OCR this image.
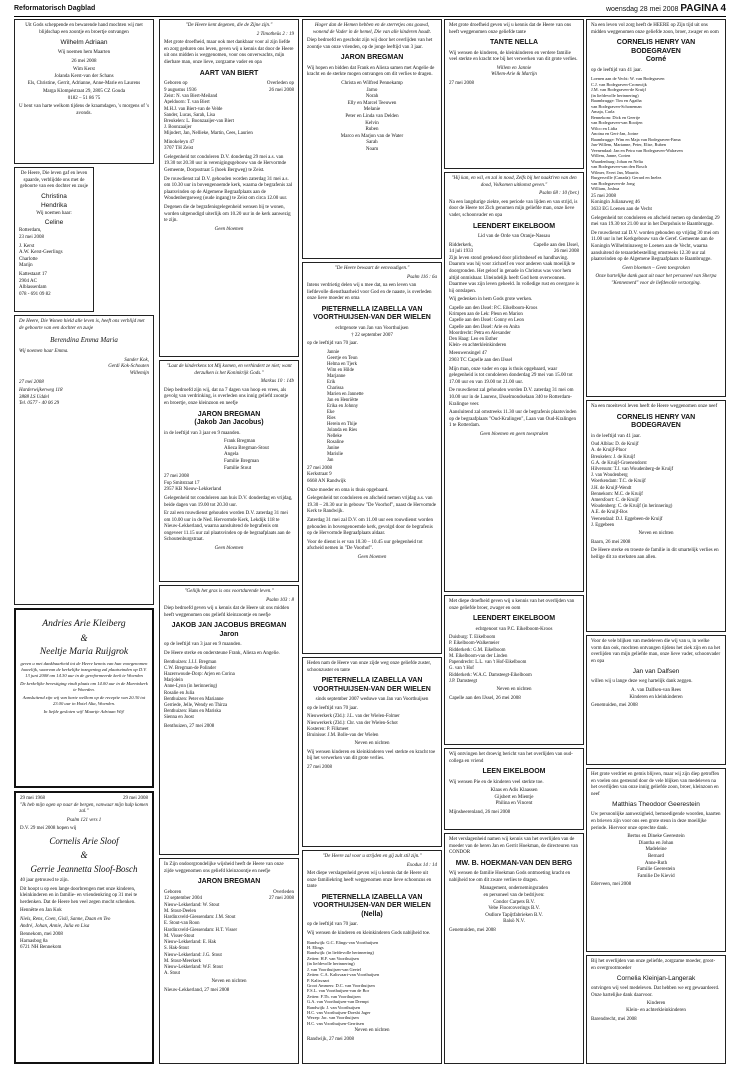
Reformatorisch Dagblad	woensdag 28 mei 2008 PAGINA 4

Uit Gods scheppende en bewarende hand mochten wij met blijdschap een zoontje en broertje ontvangen

Wilhelm Adriaan

Wij noemen hem Maarten

26 mei 2008

Wim Kerst
Jolanda Kerst-van der Schans
Els, Christine, Gerrit, Adrianne, Anne-Marie en Laurens

Marga Klompéstraat 29, 2805 CZ Gouda
0182 – 51 86 75

U bent van harte welkom tijdens de kraamdagen, 's morgens of 's avonds.

De Heere, Die leven gaf en leven spaarde, verblijdde ons met de geboorte van een dochter en zusje

Christina
Hendrika

Wij noemen haar:

Celine

Rotterdam,
23 mei 2008

J. Kerst
A.W. Kerst-Geerlings
Charlotte
Marijn

Kattestaart 17
2904 AC
Alblasserdam
078 - 691 09 82

De Heere, Die Wonen hield alle leven is, heeft ons verblijd met de geboorte van een dochter en zusje

Berendina Emma Maria

Wij noemen haar Emma.

Sander Kok,
Gerdi Kok-Schouten
Willemijn

27 mei 2008

Harderwijkerweg 118
3888 LS Uddel
Tel. 0577 - 40 06 29

Andries Arie Kleiberg
&
Neeltje Maria Ruijgrok

geven u met dankbaarheid tot de Heere kennis van hun voorgenomen huwelijk, waarvan de kerkelijke inzegening zal plaatsvinden op D.V. 13 juni 2008 om 14.30 uur in de gereformeerde kerk te Woerden

De kerkelijke bevestiging vindt plaats om 14.00 uur in de Marnixkerk te Woerden.

Aansluitend zijn wij van harte welkom op de receptie van 20.30 tot 23.00 uur in Hotel Alta, Woerden.

In liefde gesloten wij! Maartje Adriaan Wij!

29 mei 1968	29 mei 2008

"Ik heb mijn ogen op naar de bergen, vanwaar mijn hulp komen zal."

Psalm 121 vers 1

D.V. 29 mei 2008 hopen wij

Cornelis Arie Sloof
&
Gerrie Jeannetta Sloof-Bosch

40 jaar getrouwd te zijn.

Dit hoopt u op een lange doorbrengen met onze kinderen, kleinkinderen en in familie- en vriendenkring op 31 mei te herdenken. Dat de Heere hen veel zegen mocht schenken.

Hennëtte en Jan Kok

Niels, Rens, Coen, Gisli, Sanne, Daan en Teo
André, Johan, Annie, Julia en Lisa

Bennekom, mei 2008
Harnasbog 8a
6721 NH Bennekom

"De Heere kent degenen, die de Zijne zijn."

2 Timotheüs 2 : 19

Met grote droefheid, maar ook met dankbaar voor al zijn liefde en zorg geduren ons leven, geven wij u kennis dat door de Heere uit ons midden is weggenomen, voor ons onverwachts, mijn dierbare man, onze lieve, zorgzame vader en opa

AART VAN BIERT
Geboren op
9 augustus 1936
Overleden op
26 mei 2008

Zeist: N. van Biert-Meiland
Apeldoorn: T. van Biert
M.H.J. van Biert-van de Velde
Sander, Lucas, Sarah, Lisa
Breukelen: L. Boonzaaijer-van Biert
J. Boonzaaijer
Mijndert, Jan, Nellieke, Martin, Cees, Laurien

Minokeleyn 47
3707 TH Zeist

Gelegenheid tot condoleren D.V. donderdag 29 mei a.s. van 19.30 tot 20.30 uur in verenigingsgebouw van de Hervormde Gemeente, Dorpsstraat 5 (hoek Bergweg) te Zeist.

De rouwdienst zal D.V. gehouden worden zaterdag 31 mei a.s. om 10.30 uur in bovengenoemde kerk, waarna de begrafenis zal plaatsvinden op de Algemene Begraafplaats aan de Woudenbergseweg (oude ingang) te Zeist om circa 12.00 uur.

Degenen die de begrafenisgelegenheid wensen bij te wonen, worden uitgenodigd uiterlijk om 10.20 uur in de kerk aanwezig te zijn.

Geen bloemen

"Laat de kinderkens tot Mij komen, en verhindert ze niet; want derzulken is het Koninkrijk Gods."

Markus 10 : 14b

Diep bedroefd zijn wij, dat na 7 dagen van hoop en vrees, als gevolg van verdrinking, is overleden ons innig geliefd zoontje en broertje, onze kleinzoon en neefje

JARON BREGMAN
(Jakob Jan Jacobus)

in de leeftijd van 3 jaar en 9 maanden.

Frank Bregman
Alieza Bregman-Stout
Angela
Familie Bregman
Familie Stout

27 mei 2008
Fop Smitstraat 17
2957 KB Nieuw-Lekkerland

Gelegenheid tot condoleren aan huis D.V. donderdag en vrijdag, beide dagen van 19.00 tot 20.30 uur.

Er zal een rouwdienst gehouden worden D.V. zaterdag 31 mei om 10.00 uur in de Ned. Hervormde Kerk, Lekdijk 118 te Nieuw-Lekkerland, waarna aansluitend de begrafenis om ongeveer 11.15 uur zal plaatsvinden op de begraafplaats aan de Schoutenburgstraat.

Geen bloemen

"Geliijk het gras is ons voortdurende leven."

Psalm 103 : 8

Diep bedroefd geven wij u kennis dat de Heere uit ons midden heeft weggenomen ons geliefd kleinzoontje en neefje

JAKOB JAN JACOBUS BREGMAN
Jaron

op de leeftijd van 3 jaar en 9 maanden.

De Heere sterke en ondersteune Frank, Alieza en Angelie.

Benthuizen: J.J.J. Bregman
C.W. Bregman-de Polinder
Hazerswoude-Dorp: Arjen en Corina
Marjolein
Anne-Lynn (in herinnering)
Rosalie en Julia
Benthuizen: Peter en Marianne
Gerriede, Jelle, Wendy en Thirza
Benthuizen: Hans en Mariska
Sienna en Joost

Benthuizen, 27 mei 2008

In Zijn ondoorgrondelijke wijsheid heeft de Heere van onze zijde weggenomen ons geliefd kleinzoontje en neefje

JARON BREGMAN
Geboren
12 september 2004
Overleden
27 mei 2008

Nieuw-Lekkerland: W. Stout
M. Stout-Deelen
Hardinxveld-Giessendam: J.M. Stout
E. Stout-van Roon
Hardinxveld-Giessendam: H.T. Visser
M. Visser-Stout
Nieuw-Lekkerland: E. Hak
S. Hak-Stout
Nieuw-Lekkerland: J.G. Stout
M. Stout-Meerkerk
Nieuw-Lekkerland: W.F. Stout
A. Stout

Neven en nichten

Nieuw-Lekkerland, 27 mei 2008

Hoger dan de Hemen hebben en de sterretjes ons gouwd, wonend de Vader in de hemel, Die van alle kinderen houdt.

Diep bedroefd en geschokt zijn wij door het overlijden van het zoontje van onze vrienden, op de jonge leeftijd van 3 jaar.

JARON BREGMAN

Wij hopen en bidden dat Frank en Alieza samen met Angelie de kracht en de sterkte mogen ontvangen om dit verlies te dragen.

Christa en Wilfred Pennekamp
Jarno
Norah
Elly en Marcel Teeuwen
Melanie
Peter en Linda van Delden
Kelvin
Ruben
Marco en Marjon van de Water
Sarah
Noam

"De Heere bewaart de eenvoudigen."

Psalm 116 : 6a

Intens verdrietig delen wij u mee dat, na een leven van liefdevolle dienstbaarheid voor God en de naaste, is overleden onze lieve moeder en oma

PIETERNELLA IZABELLA VAN VOORTHUIJSEN-VAN DER WIELEN

echtgenote van Jan van Voorthuijsen
† 22 september 2007

op de leeftijd van 70 jaar.

Jannie
Geertje en Teun
Helma en Tjerk
Wim en Hilde
Marjanne
Erik
Charissa
Marien en Jannette
Jan en Henriëtte
Erika en Johnny
Eke
Ries
Herein en Thije
Jolanda en Ries
Nelleke
Rosaline
Janine
Marislie
Jan

27 mei 2008
Kerkstraat 9
6668 AN Randwijk

Onze moeder en oma is thuis opgebaard.

Gelegenheid tot condoleren en afscheid nemen vrijdag a.s. van 19.30 – 20.30 uur in gebouw "De Voorhof", naast de Hervormde Kerk te Randwijk.

Zaterdag 31 mei zal D.V. om 11.00 uur een rouwdienst worden gehouden in bovengenoemde kerk, gevolgd door de begrafenis op de Hervormde Begraafplaats aldaar.

Voor de dienst is er van 10.30 – 10.45 uur gelegenheid tot afscheid nemen in "De Voorhof".

Geen bloemen

Heden nam de Heere van onze zijde weg onze geliefde zuster, schoonzuster en tante

PIETERNELLA IZABELLA VAN VOORTHUIJSEN-VAN DER WIELEN

sinds september 2007 weduwe van Jan van Voorthuijsen

op de leeftijd van 70 jaar.

Nieuwerkerk (Zld.): J.L. van der Wielen-Folmer
Nieuwerkerk (Zld.): Chr. van der Wielen-Schot
Kosteren: P. Filkmeet
Bruinisse: J.M. Bolle-van der Wielen

Neven en nichten

Wij wensen kinderen en kleinkinderen veel sterkte en kracht toe bij het verwerken van dit grote verlies.

27 mei 2008

"De Heere zal voor u strijden en gij zult stil zijn."

Exodus 14 : 14

Met diepe verslagenheid geven wij u kennis dat de Heere uit onze familiekring heeft weggenomen onze lieve schoonzus en tante

PIETERNELLA IZABELLA VAN VOORTHUIJSEN-VAN DER WIELEN
(Nella)

op de leeftijd van 70 jaar.

Wij wensen de kinderen en kleinkinderen Gods nabijheid toe.

Randwijk: G.C. Elings-van Voorthuijsen
H. Elings
Randwijk: (in liefdevolle herinnering)
Zetten: H.F. van Voorthuijsen
(in liefdevolle herinnering)
J. van Voorthuijsen-van Geetel
Zetten: C.A. Kalisvaart-van Voorthuijsen
P. Kalisvaart
Groot Ammers: D.C. van Voorthuijsen
F.S.L. van Voorthuijsen-van de Bor
Zetten: F.Th. van Voorthuijsen
G.A. van Voorthuijsen-van Drempt
Randwijk: J. van Voorthuijsen
H.C. van Voorthuijsen-Doesbi Jager
Wezep: Jac. van Voorthuijsen
H.C. van Voorthuijsen-Gerritsen

Neven en nichten

Randwijk, 27 mei 2008

Met grote droefheid geven wij u kennis dat de Heere van ons heeft weggenomen onze geliefde tante

TANTE NELLA

Wij wensen de kinderen, de kleinkinderen en verdere familie veel sterkte en kracht toe bij het verwerken van dit grote verlies.

Willem en Jannie
Willem-Arie & Martijn

27 mei 2008

"Hij kan, en wil, en zal in nood, Zelfs bij het naakt'ren van den dood, Volkomen uitkomst geven."

Psalm 68 : 10 (ber.)

Na een langdurige ziekte, een periode van lijden en van strijd, is door de Heere tot Zich genomen mijn geliefde man, onze lieve vader, schoonvader en opa

LEENDERT EIKELBOOM

Lid van de Orde van Oranje-Nassau

Ridderkerk,
14 juli 1933
Capelle aan den IJssel,
26 mei 2008

Zijn leven stond getekend door plichtsbesef en handhaving. Daarom was hij voor zichzelf en voor anderen vaak moeilijk te doorgronden. Het geloof in genade in Christus was voor hem altijd onmisbaar. Uiteindelijk heeft God hem overwonnen. Daarmee was zijn leven geheeld. In volledige rust en overgave is hij ontslapen.

Wij gedenken in hem Gods grote werken.

Capelle aan den IJssel: P.C. Eikelboom-Kroos
Krimpen aan de Lek: Pleun en Marion
Capelle aan den IJssel: Gonny en Leon
Capelle aan den IJssel: Arie en Anita
Moordrecht: Petra en Alexander
Den Haag: Leo en Esther
Klein- en achterkleinkinderen

Meeuwensingel 47
2903 TC Capelle aan den IJssel

Mijn man, onze vader en opa is thuis opgebaard, waar gelegenheid is tot condoleren donderdag 29 mei van 15.00 tot 17.00 uur en van 19.00 tot 21.00 uur.

De rouwdienst zal gehouden worden D.V. zaterdag 31 mei om 10.00 uur in de Laurens, IJsselmondselaan 340 te Rotterdam-Kralingse veer.

Aansluitend zal omstreeks 11.30 uur de begrafenis plaatsvinden op de begraafplaats "Oud-Kralingen", Laan van Oud-Kralingen 1 te Rotterdam.

Geen bloemen en geen toespraken

Met diepe droefheid geven wij u kennis van het overlijden van onze geliefde broer, zwager en oom

LEENDERT EIKELBOOM

echtgenoot van P.C. Eikelboom-Kroos

Duisburg: T. Eikelboom
P. Eikelboom-Walkemeier
Ridderkerk: G.M. Eikelboom
M. Eikelboom-van der Linden
Papendrecht: L.L. van 't Hof-Eikelboom
G. van 't Hof
Ridderkerk: W.A.C. Damsteegt-Eikelboom
J.P. Damsteegt

Neven en nichten

Capelle aan den IJssel, 26 mei 2008

Wij ontvingen het droevig bericht van het overlijden van oud-collega en vriend

LEEN EIKELBOOM

Wij wensen Pie en de kinderen veel sterkte toe.

Klaas en Adis Klaassen
Gijsbert en Mientje
Philina en Vincent

Mijnsheerenland, 26 mei 2008

Met verslagenheid namen wij kennis van het overlijden van de moeder van de heren Jan en Gerrit Hoekman, de directeuren van CONDOR

MW. B. HOEKMAN-VAN DEN BERG

Wij wensen de familie Hoekman Gods ontmoeting kracht en nabijheid toe om dit zware verlies te dragen.

Management, ondernemingsraden
en personeel van de bedrijven:
Condor Carpets B.V.
Vebe Floorcoverings B.V.
Osdlore Tapijtfabrieken B.V.
Balsö N.V.

Genemuiden, mei 2008

Na een leven vol zorg heeft de HEERE op Zijn tijd uit ons midden weggenomen onze geliefde zoon, broer, zwager en oom

CORNELIS HENRY VAN BODEGRAVEN
Corné

op de leeftijd van 41 jaar.

Loenen aan de Vecht: W. van Bodegraven
C.J. van Bodegraven-Cromwijk
J.M. van Bodegraven-de Kruijf
(in liefdevolle herinnering)
Baambrugge: Tim en Agatha
van Bodegraven-Schoneman
Amaja, Carla
Bennekom: Dick en Geertje
van Bodegraven-van Rooijen
Wilco en Lidia
Anoina en Gert-Jan, Jorine
Baambrugge: Wim en Maja van Bodegraven-Fama
Jan-Willem, Marianne, Peter, Elise, Ruben
Veenendaal: Jan en Petra van Bodegraven-Walraven
Willem, Janne, Corien
Waardenburg: Johan en Nelia
van Bodegraven-van den Bosch
Wilmer, Evert Jan, Maurits
Burgersville (Canada): Gerard en Inelez
van Bodegraven-de Jong
William, Joshua

25 mei 2008
Koningin Julianaweg 46
3633 EG Loenen aan de Vecht

Gelegenheid tot condoleren en afscheid nemen op donderdag 29 mei van 19.30 tot 21.00 uur in het Dorpshuis te Baambrugge.

De rouwdienst zal D.V. worden gehouden op vrijdag 30 mei om 11.00 uur in het Kerkgebouw van de Geref. Gemeente aan de Koningin Wilhelminaweg te Loenen aan de Vecht, waarna aansluitend de teraardebestelling omstreeks 12.30 uur zal plaatsvinden op de Algemene Begraafplaats te Baambrugge.

Geen bloemen – Geen toespraken

Onze hartelijke dank gaat uit naar het personeel van Sherpa "Kennemerd" voor de liefdevolle verzorging.

Na een moeitevol leven heeft de Heere weggenomen onze neef

CORNELIS HENRY VAN BODEGRAVEN

in de leeftijd van 41 jaar.

Oud Alblas: D. de Kruijf
A. de Kruijf-Pluor
Breukelen: J. de Kruijf
G.A. de Kruijf-Groenendorst
Hilversum: T.J. van Woudenberg-de Kruijf
J. van Woudenberg
Woerkendam: T.C. de Kruijf
J.H. de Kruijf-Wendt
Bennekom: M.C. de Kruijf
Amersfoort: C. de Kruijf
Woudenberg: C. de Kruijf (in herinnering)
A.E. de Kruijf-Bos
Veenendaal: D.J. Eggebeen-de Kruijf
J. Eggebeen

Neven en nichten

Baarn, 26 mei 2008

De Heere sterke en troeste de familie in dit smartelijk verlies en heilige dit zo sterksten aan allen.

Voor de vele blijken van medeleven die wij van u, in welke vorm dan ook, mochten ontvangen tijdens het ziek zijn en na het overlijden van mijn geliefde man, onze lieve vader, schoonvader en opa

Jan van Dalfsen

willen wij u lange deze weg hartelijk dank zeggen.

A. van Dalfsen-van Rees
Kinderen en kleinkinderen

Genemuiden, mei 2008

Het grote verdriet en gemis blijven, maar wij zijn diep getroffen en voelen ons gesteund door de vele blijken van medeleven na het overlijden van onze innig geliefde zoon, broer, kleinzoon en neef

Matthias Theodoor Geerestein

Uw persoonlijke aanwezigheid, bemoedigende woorden, kaarten en brieven zijn voor ons een grote steun in deze moeilijke periode. Hiervoor onze oprechte dank.

Bertus en Dineke Geerestein
Diantha en Johan
Madeleine
Bernard
Anne-Ruth
Familie Geerestein
Familie De Kievid

Ederveen, mei 2008

Bij het overlijden van onze geliefde, zorgzame moeder, groot- en overgrootmoeder

Cornelia Kleinjan-Langerak

ontvingen wij veel medeleven. Dat hebben we erg gewaardeerd. Onze hartelijke dank daarvoor.

Kinderen
Klein- en achterkleinkinderen

Barendrecht, mei 2008
